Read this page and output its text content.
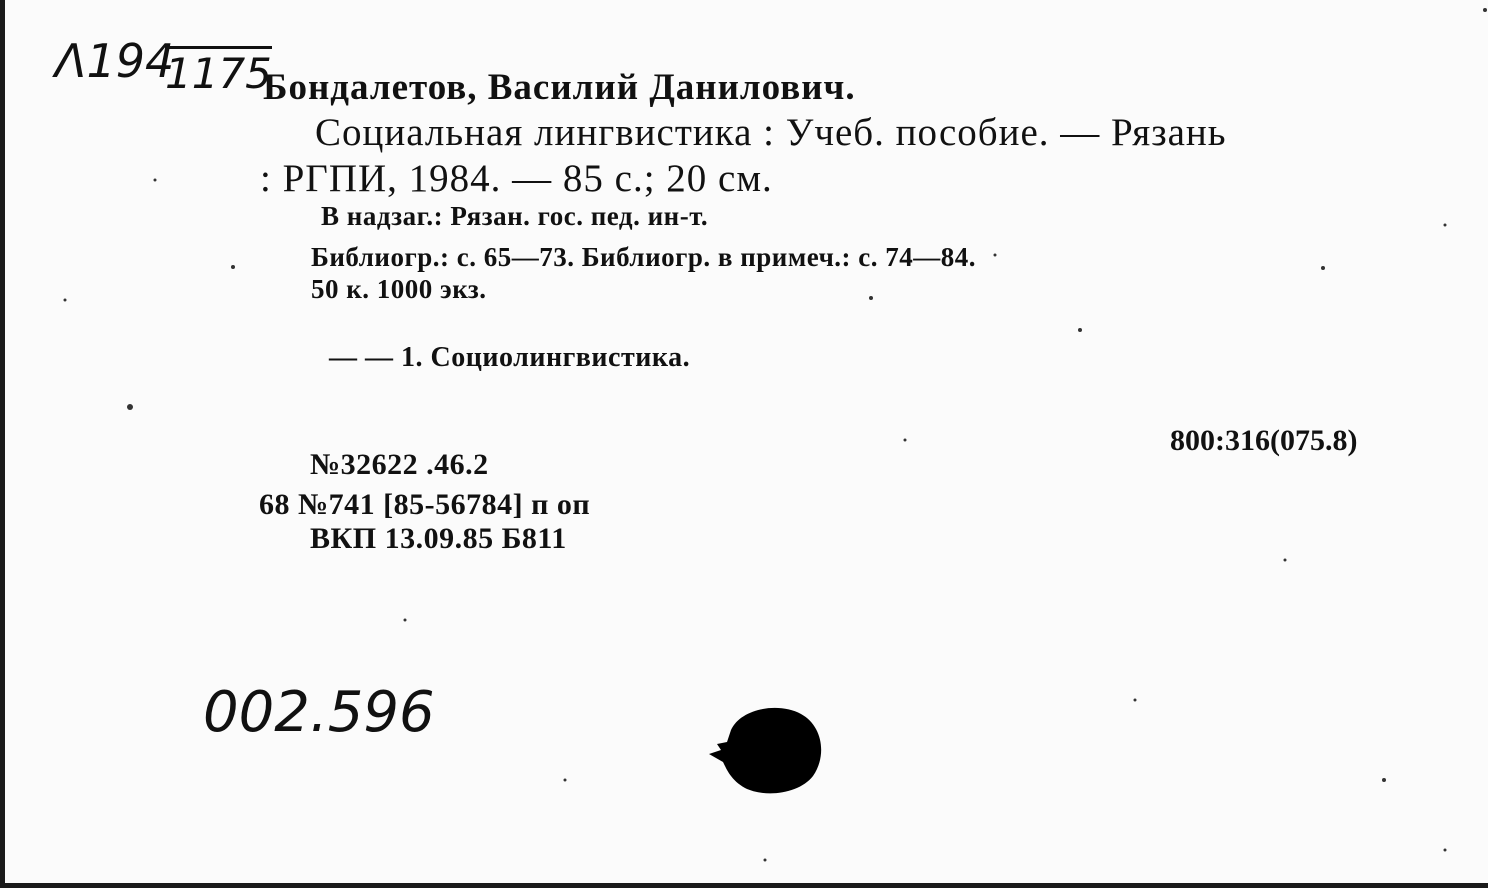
Λ194
1175
002.596
Бондалетов, Василий Данилович.
Социальная лингвистика : Учеб. пособие. — Рязань
: РГПИ, 1984. — 85 с.; 20 см.
В надзаг.: Рязан. гос. пед. ин-т.
Библиогр.: с. 65—73. Библиогр. в примеч.: с. 74—84.
50 к. 1000 экз.
— — 1. Социолингвистика.
800:316(075.8)
№32622 .46.2
68 №741 [85-56784] п оп
ВКП 13.09.85 Б811
